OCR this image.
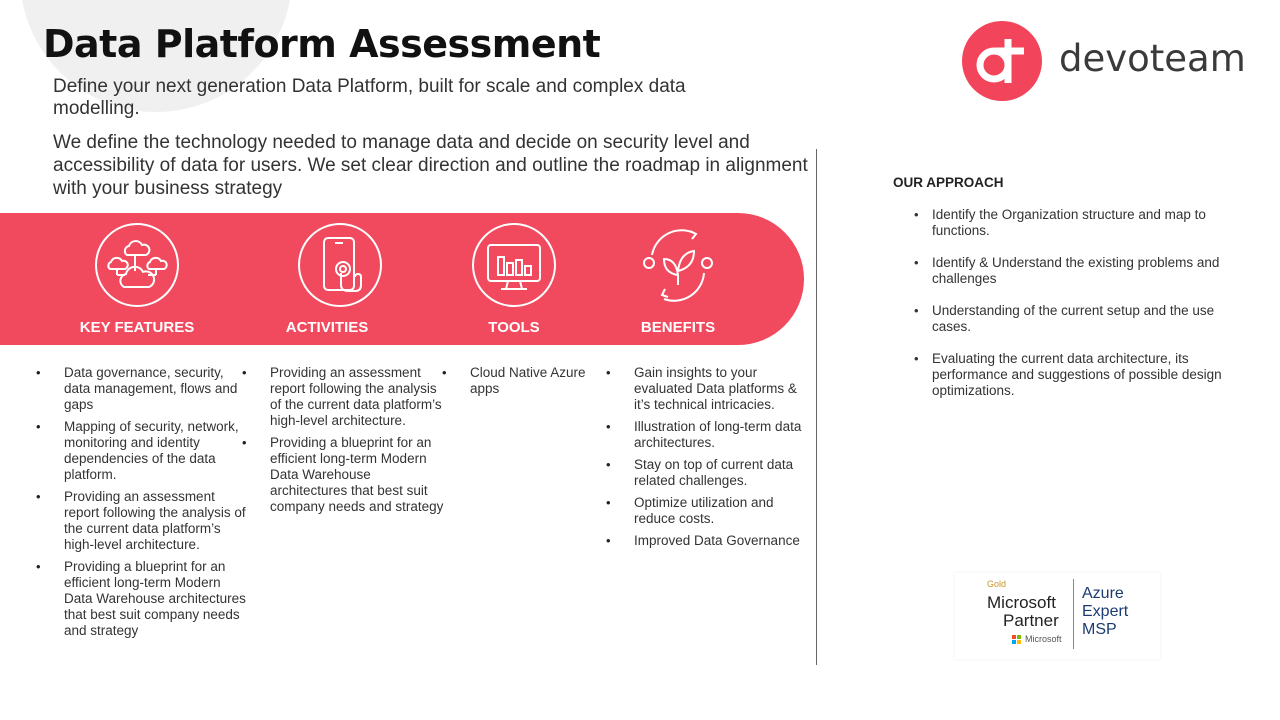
Data Platform Assessment

Define your next generation Data Platform, built for scale and complex data modelling.

We define the technology needed to manage data and decide on security level and accessibility of data for users. We set clear direction and outline the roadmap in alignment with your business strategy

devoteam
KEY FEATURES	ACTIVITIES	TOOLS	BENEFITS
• Data governance, security, data management, flows and gaps
• Mapping of security, network, monitoring and identity dependencies of the data platform.
• Providing an assessment report following the analysis of the current data platform’s high-level architecture.
• Providing a blueprint for an efficient long-term Modern Data Warehouse architectures that best suit company needs and strategy
• Providing an assessment report following the analysis of the current data platform’s high-level architecture.
• Providing a blueprint for an efficient long-term Modern Data Warehouse architectures that best suit company needs and strategy
• Cloud Native Azure apps
• Gain insights to your evaluated Data platforms & it’s technical intricacies.
• Illustration of long-term data architectures.
• Stay on top of current data related challenges.
• Optimize utilization and reduce costs.
• Improved Data Governance

OUR APPROACH

• Identify the Organization structure and map to functions.
• Identify & Understand the existing problems and challenges
• Understanding of the current setup and the use cases.
• Evaluating the current data architecture, its performance and suggestions of possible design optimizations.
Gold
Microsoft
Partner
Microsoft
Azure
Expert
MSP
